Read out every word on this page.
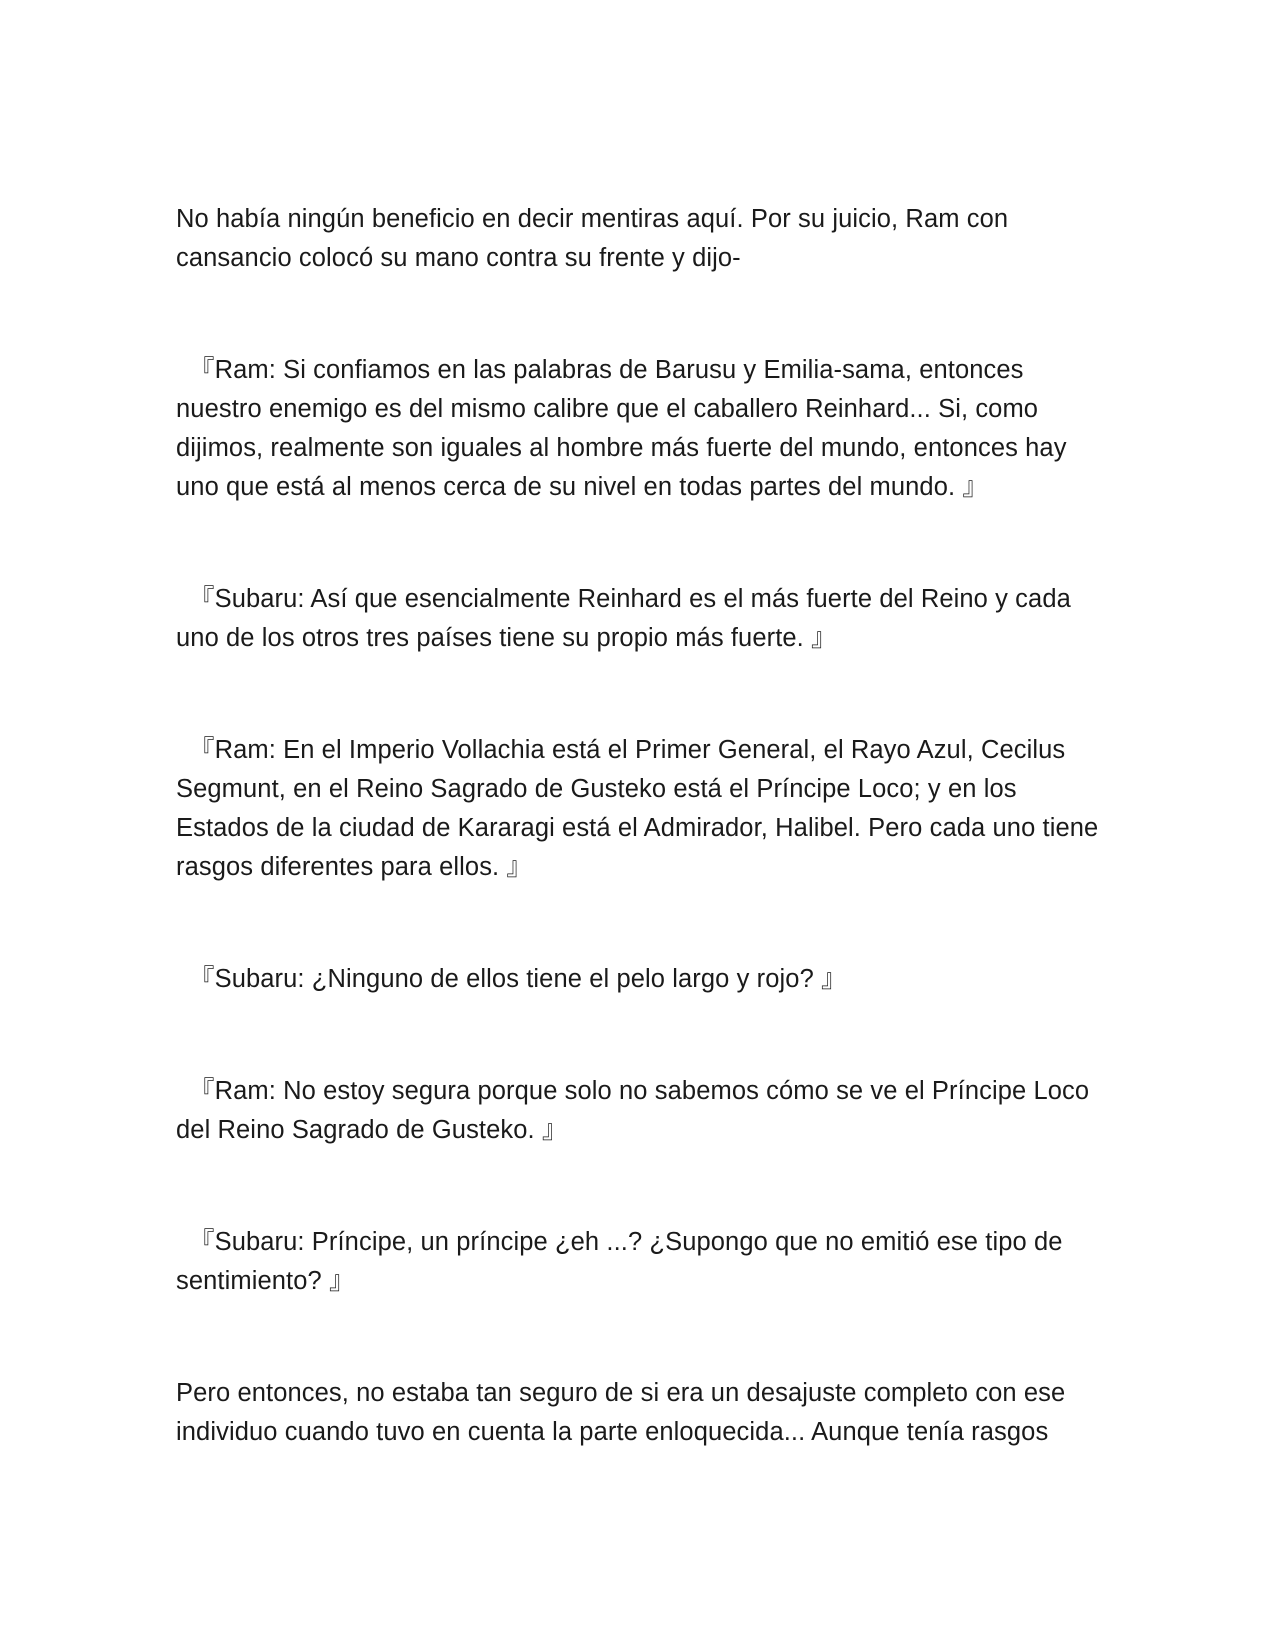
No había ningún beneficio en decir mentiras aquí. Por su juicio, Ram con cansancio colocó su mano contra su frente y dijo-

『Ram: Si confiamos en las palabras de Barusu y Emilia-sama, entonces nuestro enemigo es del mismo calibre que el caballero Reinhard... Si, como dijimos, realmente son iguales al hombre más fuerte del mundo, entonces hay uno que está al menos cerca de su nivel en todas partes del mundo. 』

『Subaru: Así que esencialmente Reinhard es el más fuerte del Reino y cada uno de los otros tres países tiene su propio más fuerte. 』

『Ram: En el Imperio Vollachia está el Primer General, el Rayo Azul, Cecilus Segmunt, en el Reino Sagrado de Gusteko está el Príncipe Loco; y en los Estados de la ciudad de Kararagi está el Admirador, Halibel. Pero cada uno tiene rasgos diferentes para ellos. 』

『Subaru: ¿Ninguno de ellos tiene el pelo largo y rojo? 』

『Ram: No estoy segura porque solo no sabemos cómo se ve el Príncipe Loco del Reino Sagrado de Gusteko. 』

『Subaru: Príncipe, un príncipe ¿eh ...? ¿Supongo que no emitió ese tipo de sentimiento? 』

Pero entonces, no estaba tan seguro de si era un desajuste completo con ese individuo cuando tuvo en cuenta la parte enloquecida... Aunque tenía rasgos
